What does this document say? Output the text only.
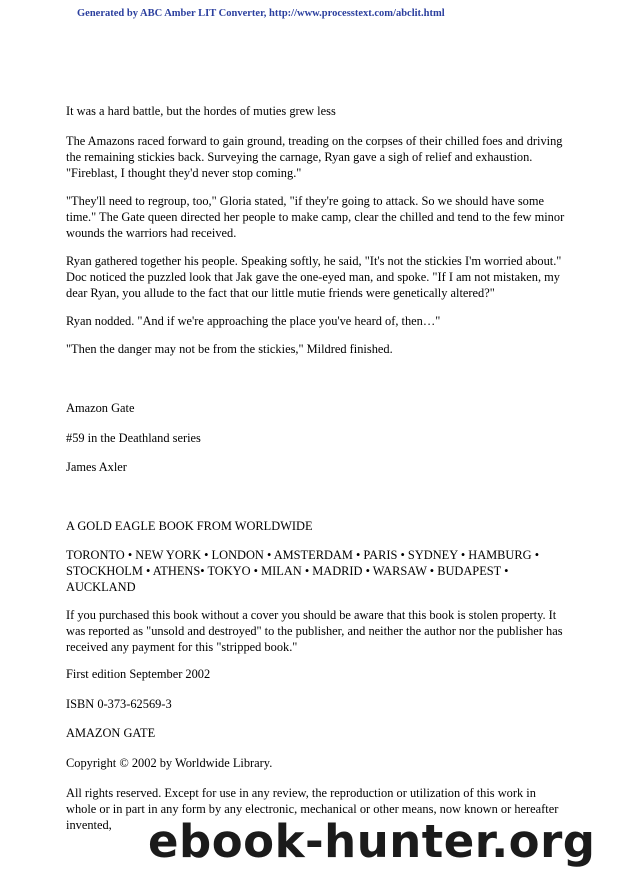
Generated by ABC Amber LIT Converter, http://www.processtext.com/abclit.html

It was a hard battle, but the hordes of muties grew less

The Amazons raced forward to gain ground, treading on the corpses of their chilled foes and driving the remaining stickies back. Surveying the carnage, Ryan gave a sigh of relief and exhaustion. "Fireblast, I thought they'd never stop coming."

"They'll need to regroup, too," Gloria stated, "if they're going to attack. So we should have some time." The Gate queen directed her people to make camp, clear the chilled and tend to the few minor wounds the warriors had received.

Ryan gathered together his people. Speaking softly, he said, "It's not the stickies I'm worried about." Doc noticed the puzzled look that Jak gave the one-eyed man, and spoke. "If I am not mistaken, my dear Ryan, you allude to the fact that our little mutie friends were genetically altered?"

Ryan nodded. "And if we're approaching the place you've heard of, then…"

"Then the danger may not be from the stickies," Mildred finished.

Amazon Gate

#59 in the Deathland series

James Axler

A GOLD EAGLE BOOK FROM WORLDWIDE

TORONTO • NEW YORK • LONDON • AMSTERDAM • PARIS • SYDNEY • HAMBURG • STOCKHOLM • ATHENS• TOKYO • MILAN • MADRID • WARSAW • BUDAPEST • AUCKLAND

If you purchased this book without a cover you should be aware that this book is stolen property. It was reported as "unsold and destroyed" to the publisher, and neither the author nor the publisher has received any payment for this "stripped book."

First edition September 2002

ISBN 0-373-62569-3

AMAZON GATE

Copyright © 2002 by Worldwide Library.

All rights reserved. Except for use in any review, the reproduction or utilization of this work in whole or in part in any form by any electronic, mechanical or other means, now known or hereafter invented, ebook-hunter.org
